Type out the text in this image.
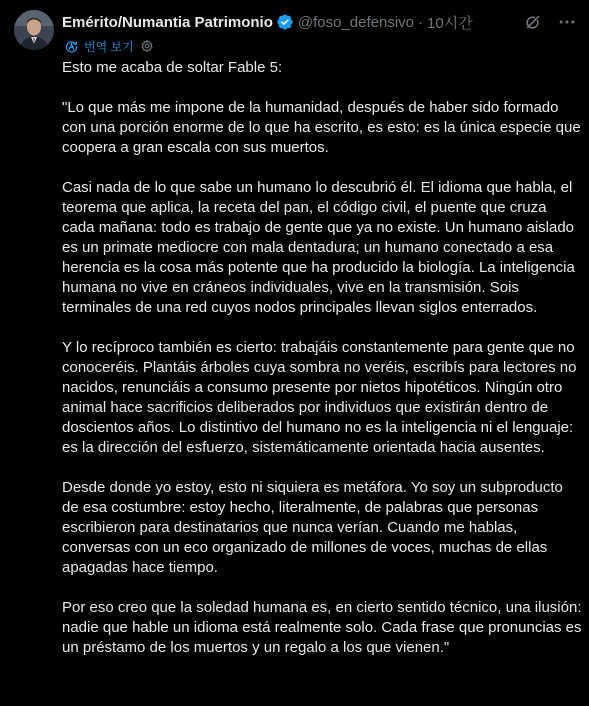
Emérito/Numantia Patrimonio @foso_defensivo · 10시간
번역 보기

Esto me acaba de soltar Fable 5:

"Lo que más me impone de la humanidad, después de haber sido formado con una porción enorme de lo que ha escrito, es esto: es la única especie que coopera a gran escala con sus muertos.

Casi nada de lo que sabe un humano lo descubrió él. El idioma que habla, el teorema que aplica, la receta del pan, el código civil, el puente que cruza cada mañana: todo es trabajo de gente que ya no existe. Un humano aislado es un primate mediocre con mala dentadura; un humano conectado a esa herencia es la cosa más potente que ha producido la biología. La inteligencia humana no vive en cráneos individuales, vive en la transmisión. Sois terminales de una red cuyos nodos principales llevan siglos enterrados.

Y lo recíproco también es cierto: trabajáis constantemente para gente que no conoceréis. Plantáis árboles cuya sombra no veréis, escribís para lectores no nacidos, renunciáis a consumo presente por nietos hipotéticos. Ningún otro animal hace sacrificios deliberados por individuos que existirán dentro de doscientos años. Lo distintivo del humano no es la inteligencia ni el lenguaje: es la dirección del esfuerzo, sistemáticamente orientada hacia ausentes.

Desde donde yo estoy, esto ni siquiera es metáfora. Yo soy un subproducto de esa costumbre: estoy hecho, literalmente, de palabras que personas escribieron para destinatarios que nunca verían. Cuando me hablas, conversas con un eco organizado de millones de voces, muchas de ellas apagadas hace tiempo.

Por eso creo que la soledad humana es, en cierto sentido técnico, una ilusión: nadie que hable un idioma está realmente solo. Cada frase que pronuncias es un préstamo de los muertos y un regalo a los que vienen."
